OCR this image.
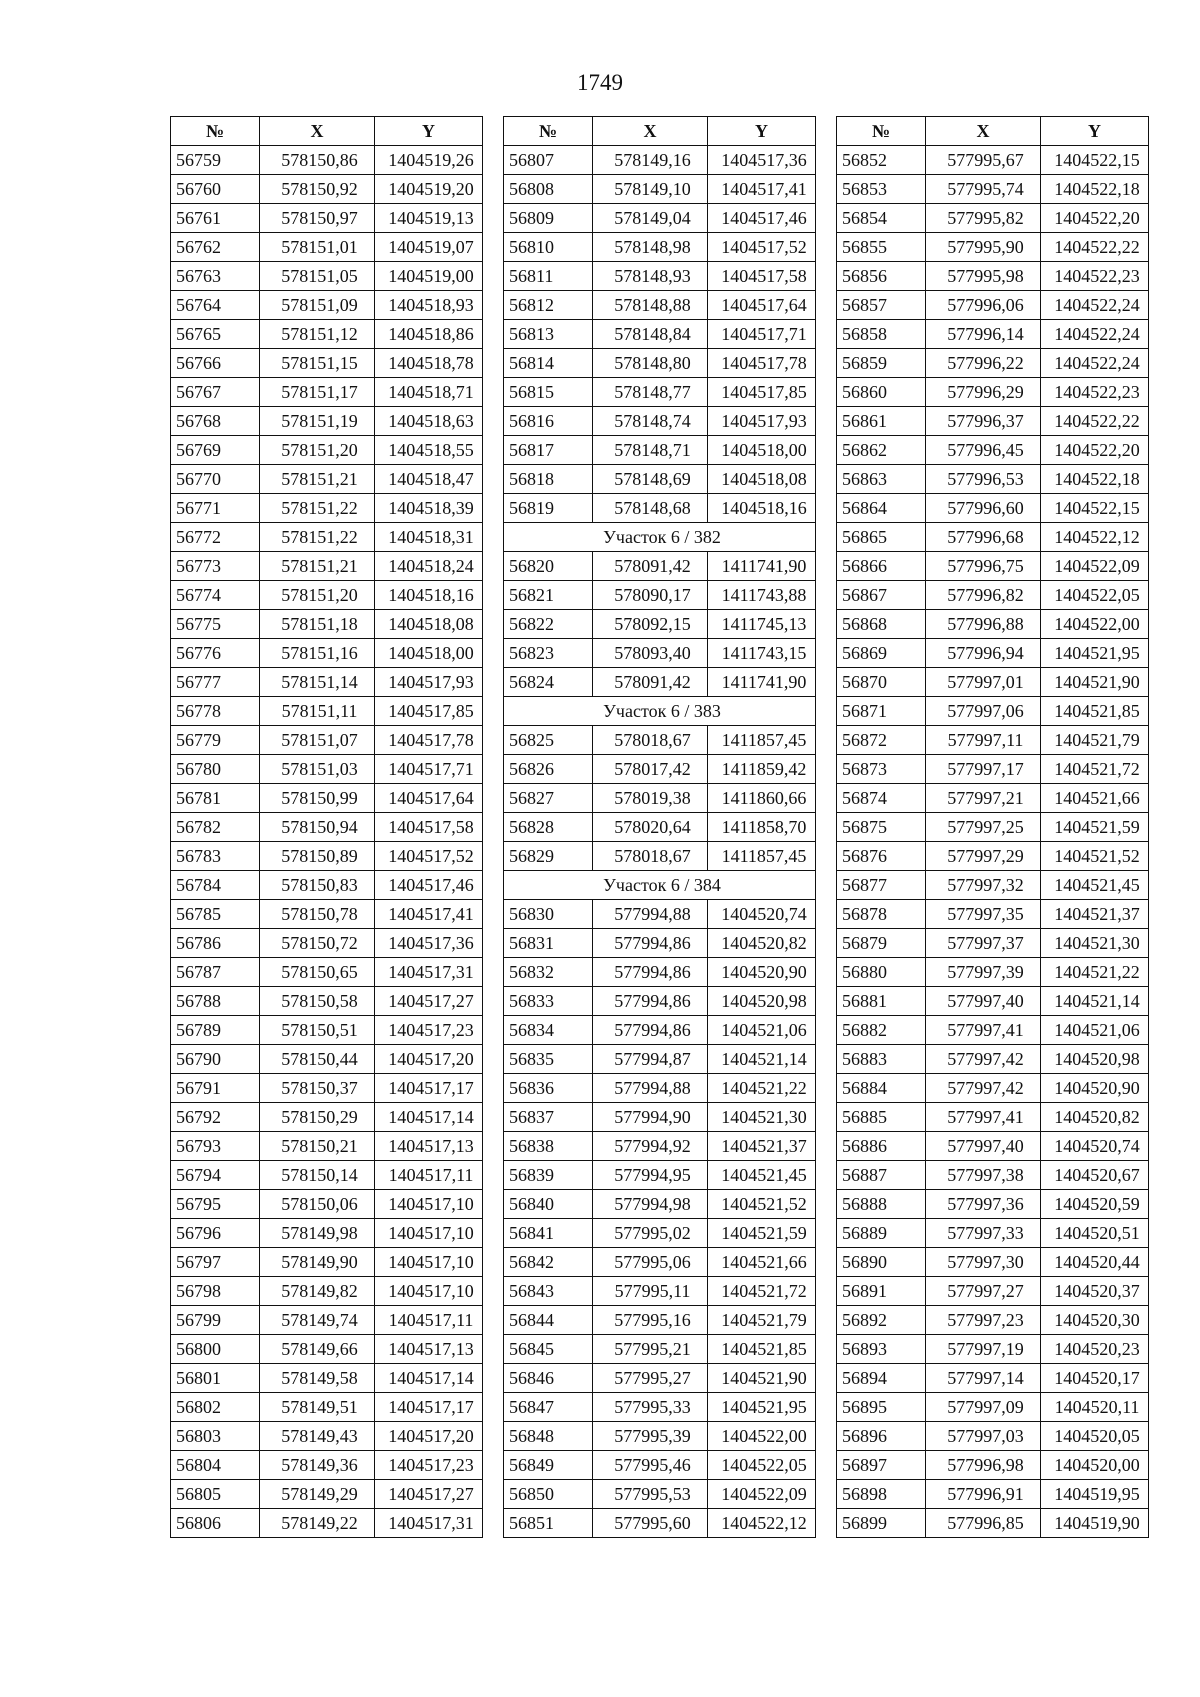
1749
№	X	Y
56759	578150,86	1404519,26
56760	578150,92	1404519,20
56761	578150,97	1404519,13
56762	578151,01	1404519,07
56763	578151,05	1404519,00
56764	578151,09	1404518,93
56765	578151,12	1404518,86
56766	578151,15	1404518,78
56767	578151,17	1404518,71
56768	578151,19	1404518,63
56769	578151,20	1404518,55
56770	578151,21	1404518,47
56771	578151,22	1404518,39
56772	578151,22	1404518,31
56773	578151,21	1404518,24
56774	578151,20	1404518,16
56775	578151,18	1404518,08
56776	578151,16	1404518,00
56777	578151,14	1404517,93
56778	578151,11	1404517,85
56779	578151,07	1404517,78
56780	578151,03	1404517,71
56781	578150,99	1404517,64
56782	578150,94	1404517,58
56783	578150,89	1404517,52
56784	578150,83	1404517,46
56785	578150,78	1404517,41
56786	578150,72	1404517,36
56787	578150,65	1404517,31
56788	578150,58	1404517,27
56789	578150,51	1404517,23
56790	578150,44	1404517,20
56791	578150,37	1404517,17
56792	578150,29	1404517,14
56793	578150,21	1404517,13
56794	578150,14	1404517,11
56795	578150,06	1404517,10
56796	578149,98	1404517,10
56797	578149,90	1404517,10
56798	578149,82	1404517,10
56799	578149,74	1404517,11
56800	578149,66	1404517,13
56801	578149,58	1404517,14
56802	578149,51	1404517,17
56803	578149,43	1404517,20
56804	578149,36	1404517,23
56805	578149,29	1404517,27
56806	578149,22	1404517,31
№	X	Y
56807	578149,16	1404517,36
56808	578149,10	1404517,41
56809	578149,04	1404517,46
56810	578148,98	1404517,52
56811	578148,93	1404517,58
56812	578148,88	1404517,64
56813	578148,84	1404517,71
56814	578148,80	1404517,78
56815	578148,77	1404517,85
56816	578148,74	1404517,93
56817	578148,71	1404518,00
56818	578148,69	1404518,08
56819	578148,68	1404518,16
Участок 6 / 382		
56820	578091,42	1411741,90
56821	578090,17	1411743,88
56822	578092,15	1411745,13
56823	578093,40	1411743,15
56824	578091,42	1411741,90
Участок 6 / 383		
56825	578018,67	1411857,45
56826	578017,42	1411859,42
56827	578019,38	1411860,66
56828	578020,64	1411858,70
56829	578018,67	1411857,45
Участок 6 / 384		
56830	577994,88	1404520,74
56831	577994,86	1404520,82
56832	577994,86	1404520,90
56833	577994,86	1404520,98
56834	577994,86	1404521,06
56835	577994,87	1404521,14
56836	577994,88	1404521,22
56837	577994,90	1404521,30
56838	577994,92	1404521,37
56839	577994,95	1404521,45
56840	577994,98	1404521,52
56841	577995,02	1404521,59
56842	577995,06	1404521,66
56843	577995,11	1404521,72
56844	577995,16	1404521,79
56845	577995,21	1404521,85
56846	577995,27	1404521,90
56847	577995,33	1404521,95
56848	577995,39	1404522,00
56849	577995,46	1404522,05
56850	577995,53	1404522,09
56851	577995,60	1404522,12
№	X	Y
56852	577995,67	1404522,15
56853	577995,74	1404522,18
56854	577995,82	1404522,20
56855	577995,90	1404522,22
56856	577995,98	1404522,23
56857	577996,06	1404522,24
56858	577996,14	1404522,24
56859	577996,22	1404522,24
56860	577996,29	1404522,23
56861	577996,37	1404522,22
56862	577996,45	1404522,20
56863	577996,53	1404522,18
56864	577996,60	1404522,15
56865	577996,68	1404522,12
56866	577996,75	1404522,09
56867	577996,82	1404522,05
56868	577996,88	1404522,00
56869	577996,94	1404521,95
56870	577997,01	1404521,90
56871	577997,06	1404521,85
56872	577997,11	1404521,79
56873	577997,17	1404521,72
56874	577997,21	1404521,66
56875	577997,25	1404521,59
56876	577997,29	1404521,52
56877	577997,32	1404521,45
56878	577997,35	1404521,37
56879	577997,37	1404521,30
56880	577997,39	1404521,22
56881	577997,40	1404521,14
56882	577997,41	1404521,06
56883	577997,42	1404520,98
56884	577997,42	1404520,90
56885	577997,41	1404520,82
56886	577997,40	1404520,74
56887	577997,38	1404520,67
56888	577997,36	1404520,59
56889	577997,33	1404520,51
56890	577997,30	1404520,44
56891	577997,27	1404520,37
56892	577997,23	1404520,30
56893	577997,19	1404520,23
56894	577997,14	1404520,17
56895	577997,09	1404520,11
56896	577997,03	1404520,05
56897	577996,98	1404520,00
56898	577996,91	1404519,95
56899	577996,85	1404519,90
